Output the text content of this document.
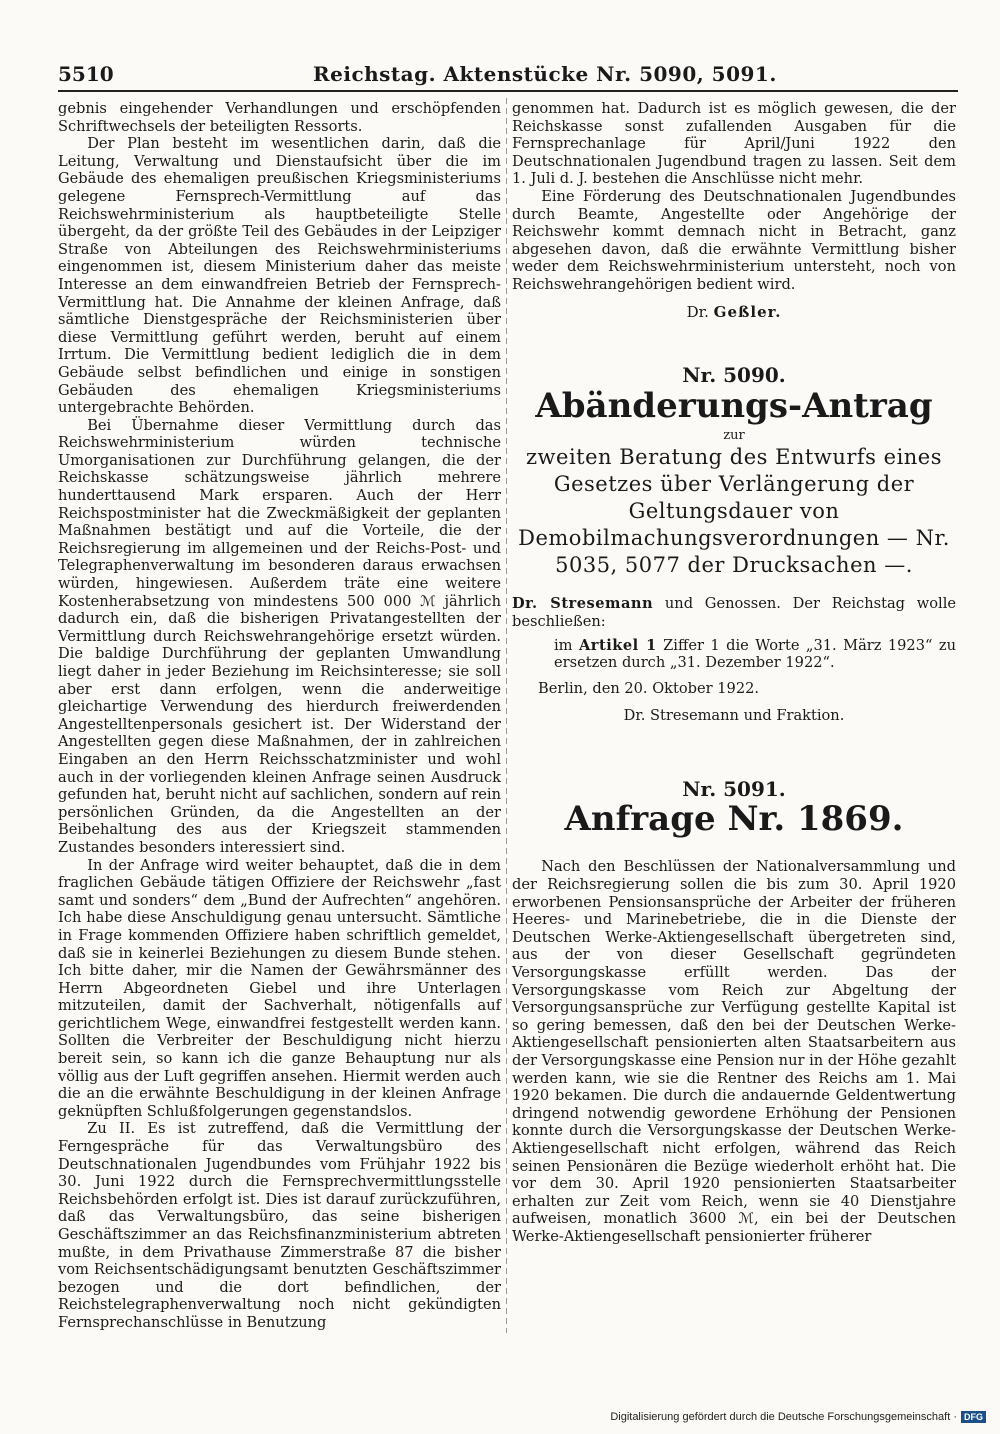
5510	Reichstag. Aktenstücke Nr. 5090, 5091.

gebnis eingehender Verhandlungen und erschöpfenden Schriftwechsels der beteiligten Ressorts.

Der Plan besteht im wesentlichen darin, daß die Leitung, Verwaltung und Dienstaufsicht über die im Gebäude des ehemaligen preußischen Kriegsministeriums gelegene Fernsprech-Vermittlung auf das Reichswehrministerium als hauptbeteiligte Stelle übergeht, da der größte Teil des Gebäudes in der Leipziger Straße von Abteilungen des Reichswehrministeriums eingenommen ist, diesem Ministerium daher das meiste Interesse an dem einwandfreien Betrieb der Fernsprech-Vermittlung hat. Die Annahme der kleinen Anfrage, daß sämtliche Dienstgespräche der Reichsministerien über diese Vermittlung geführt werden, beruht auf einem Irrtum. Die Vermittlung bedient lediglich die in dem Gebäude selbst befindlichen und einige in sonstigen Gebäuden des ehemaligen Kriegsministeriums untergebrachte Behörden.

Bei Übernahme dieser Vermittlung durch das Reichswehrministerium würden technische Umorganisationen zur Durchführung gelangen, die der Reichskasse schätzungsweise jährlich mehrere hunderttausend Mark ersparen. Auch der Herr Reichspostminister hat die Zweckmäßigkeit der geplanten Maßnahmen bestätigt und auf die Vorteile, die der Reichsregierung im allgemeinen und der Reichs-Post- und Telegraphenverwaltung im besonderen daraus erwachsen würden, hingewiesen. Außerdem träte eine weitere Kostenherabsetzung von mindestens 500 000 ℳ jährlich dadurch ein, daß die bisherigen Privatangestellten der Vermittlung durch Reichswehrangehörige ersetzt würden. Die baldige Durchführung der geplanten Umwandlung liegt daher in jeder Beziehung im Reichsinteresse; sie soll aber erst dann erfolgen, wenn die anderweitige gleichartige Verwendung des hierdurch freiwerdenden Angestelltenpersonals gesichert ist. Der Widerstand der Angestellten gegen diese Maßnahmen, der in zahlreichen Eingaben an den Herrn Reichsschatzminister und wohl auch in der vorliegenden kleinen Anfrage seinen Ausdruck gefunden hat, beruht nicht auf sachlichen, sondern auf rein persönlichen Gründen, da die Angestellten an der Beibehaltung des aus der Kriegszeit stammenden Zustandes besonders interessiert sind.

In der Anfrage wird weiter behauptet, daß die in dem fraglichen Gebäude tätigen Offiziere der Reichswehr „fast samt und sonders“ dem „Bund der Aufrechten“ angehören. Ich habe diese Anschuldigung genau untersucht. Sämtliche in Frage kommenden Offiziere haben schriftlich gemeldet, daß sie in keinerlei Beziehungen zu diesem Bunde stehen. Ich bitte daher, mir die Namen der Gewährsmänner des Herrn Abgeordneten Giebel und ihre Unterlagen mitzuteilen, damit der Sachverhalt, nötigenfalls auf gerichtlichem Wege, einwandfrei festgestellt werden kann. Sollten die Verbreiter der Beschuldigung nicht hierzu bereit sein, so kann ich die ganze Behauptung nur als völlig aus der Luft gegriffen ansehen. Hiermit werden auch die an die erwähnte Beschuldigung in der kleinen Anfrage geknüpften Schlußfolgerungen gegenstandslos.

Zu II. Es ist zutreffend, daß die Vermittlung der Ferngespräche für das Verwaltungsbüro des Deutschnationalen Jugendbundes vom Frühjahr 1922 bis 30. Juni 1922 durch die Fernsprechvermittlungsstelle Reichsbehörden erfolgt ist. Dies ist darauf zurückzuführen, daß das Verwaltungsbüro, das seine bisherigen Geschäftszimmer an das Reichsfinanzministerium abtreten mußte, in dem Privathause Zimmerstraße 87 die bisher vom Reichsentschädigungsamt benutzten Geschäftszimmer bezogen und die dort befindlichen, der Reichstelegraphenverwaltung noch nicht gekündigten Fernsprechanschlüsse in Benutzung

genommen hat. Dadurch ist es möglich gewesen, die der Reichskasse sonst zufallenden Ausgaben für die Fernsprechanlage für April/Juni 1922 den Deutschnationalen Jugendbund tragen zu lassen. Seit dem 1. Juli d. J. bestehen die Anschlüsse nicht mehr.

Eine Förderung des Deutschnationalen Jugendbundes durch Beamte, Angestellte oder Angehörige der Reichswehr kommt demnach nicht in Betracht, ganz abgesehen davon, daß die erwähnte Vermittlung bisher weder dem Reichswehrministerium untersteht, noch von Reichswehrangehörigen bedient wird.

Dr. Geßler.

Nr. 5090.

Abänderungs-Antrag

zur

zweiten Beratung des Entwurfs eines Gesetzes über Verlängerung der Geltungsdauer von Demobilmachungsverordnungen — Nr. 5035, 5077 der Drucksachen —.

Dr. Stresemann und Genossen. Der Reichstag wolle beschließen:

im Artikel 1 Ziffer 1 die Worte „31. März 1923“ zu ersetzen durch „31. Dezember 1922“.

Berlin, den 20. Oktober 1922.

Dr. Stresemann und Fraktion.

Nr. 5091.

Anfrage Nr. 1869.

Nach den Beschlüssen der Nationalversammlung und der Reichsregierung sollen die bis zum 30. April 1920 erworbenen Pensionsansprüche der Arbeiter der früheren Heeres- und Marinebetriebe, die in die Dienste der Deutschen Werke-Aktiengesellschaft übergetreten sind, aus der von dieser Gesellschaft gegründeten Versorgungskasse erfüllt werden. Das der Versorgungskasse vom Reich zur Abgeltung der Versorgungsansprüche zur Verfügung gestellte Kapital ist so gering bemessen, daß den bei der Deutschen Werke-Aktiengesellschaft pensionierten alten Staatsarbeitern aus der Versorgungskasse eine Pension nur in der Höhe gezahlt werden kann, wie sie die Rentner des Reichs am 1. Mai 1920 bekamen. Die durch die andauernde Geldentwertung dringend notwendig gewordene Erhöhung der Pensionen konnte durch die Versorgungskasse der Deutschen Werke-Aktiengesellschaft nicht erfolgen, während das Reich seinen Pensionären die Bezüge wiederholt erhöht hat. Die vor dem 30. April 1920 pensionierten Staatsarbeiter erhalten zur Zeit vom Reich, wenn sie 40 Dienstjahre aufweisen, monatlich 3600 ℳ, ein bei der Deutschen Werke-Aktiengesellschaft pensionierter früherer

Digitalisierung gefördert durch die Deutsche Forschungsgemeinschaft · DFG
